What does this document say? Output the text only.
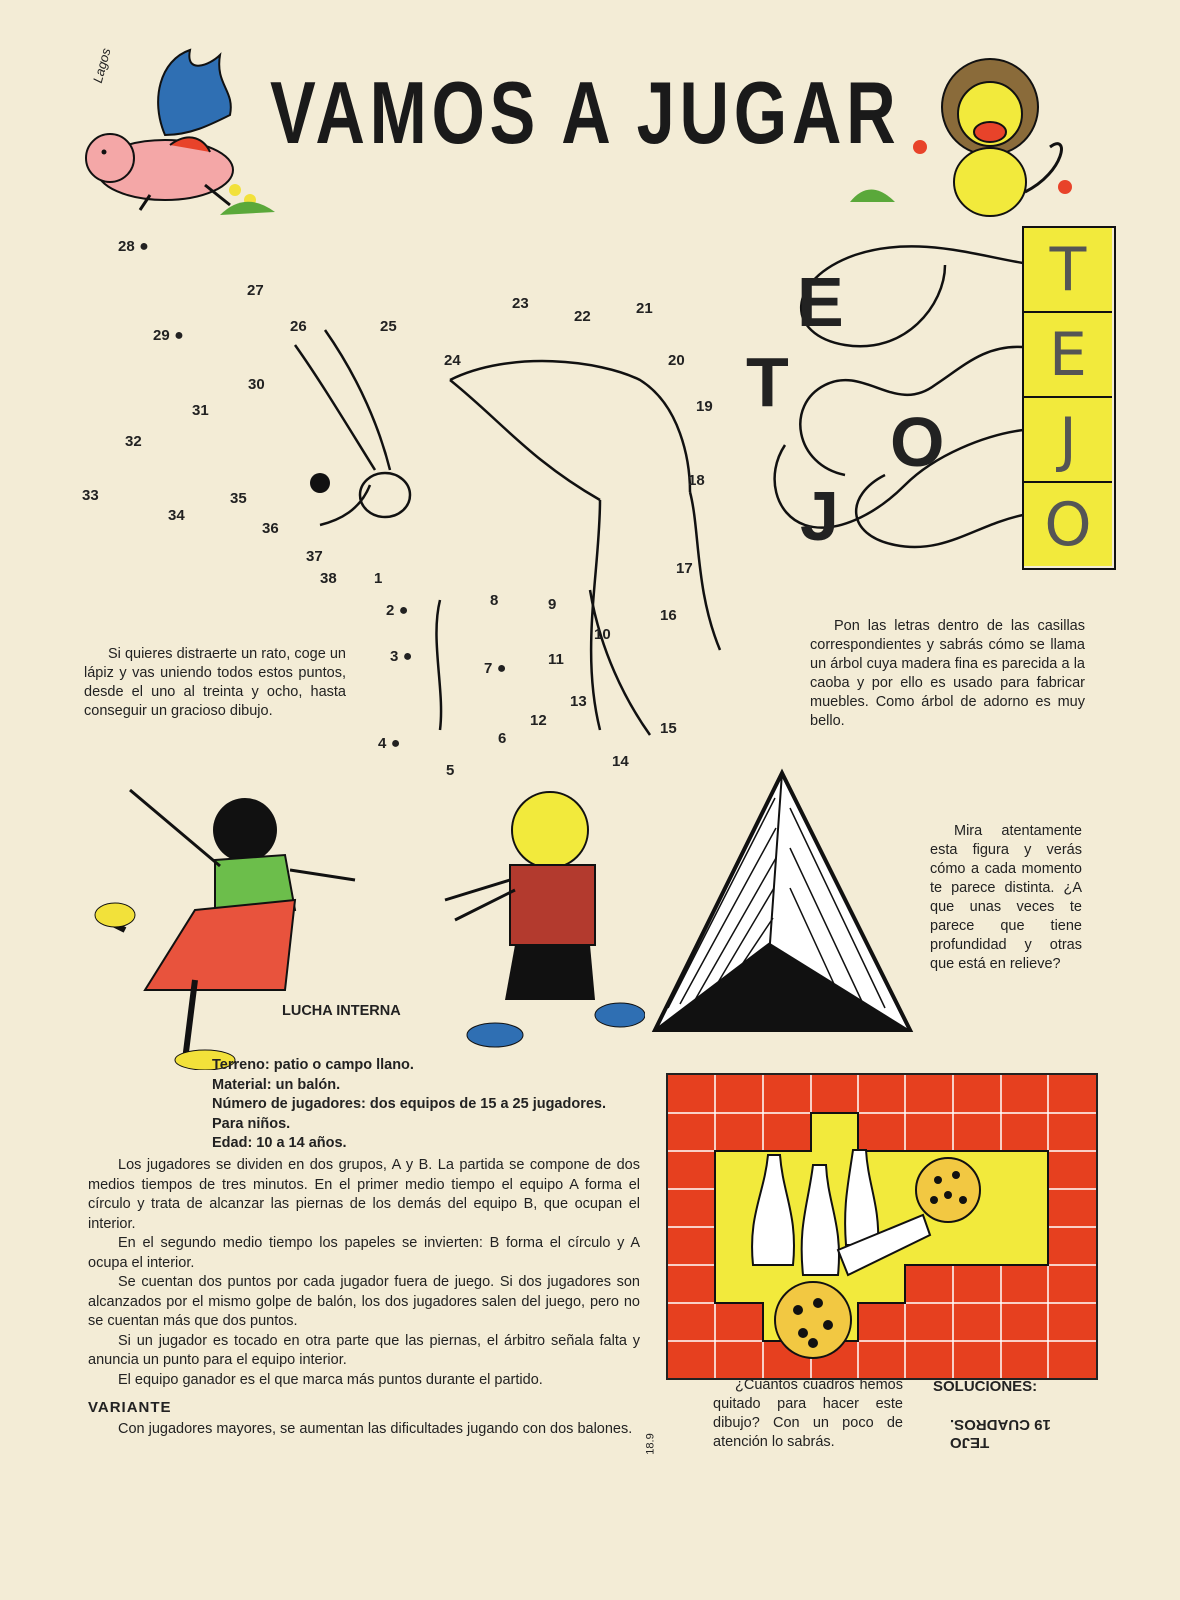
Lagos VAMOS A JUGAR
28 ●
27
26	25
29 ●
30
31
32
33
34
35
36
37
38 1
2 ●
3 ●
4 ●
5
6
7 ●
8	9
10
11
12
13
14
15
16
17
18
19
20
21
22
23
24
Si quieres distraerte un rato, coge un lápiz y vas uniendo todos estos puntos, desde el uno al treinta y ocho, hasta conseguir un gracioso dibujo.
E
T
O
J
T
E
J
O
Pon las letras dentro de las casillas correspondientes y sabrás cómo se llama un árbol cuya madera fina es parecida a la caoba y por ello es usado para fabricar muebles. Como árbol de adorno es muy bello.
LUCHA INTERNA
Terreno: patio o campo llano.
Material: un balón.
Número de jugadores: dos equipos de 15 a 25 jugadores.
Para niños.
Edad: 10 a 14 años.
Los jugadores se dividen en dos grupos, A y B. La partida se compone de dos medios tiempos de tres minutos. En el primer medio tiempo el equipo A forma el círculo y trata de alcanzar las piernas de los demás del equipo B, que ocupan el interior.
En el segundo medio tiempo los papeles se invierten: B forma el círculo y A ocupa el interior.
Se cuentan dos puntos por cada jugador fuera de juego. Si dos jugadores son alcanzados por el mismo golpe de balón, los dos jugadores salen del juego, pero no se cuentan más que dos puntos.
Si un jugador es tocado en otra parte que las piernas, el árbitro señala falta y anuncia un punto para el equipo interior.
El equipo ganador es el que marca más puntos durante el partido.
VARIANTE
Con jugadores mayores, se aumentan las dificultades jugando con dos balones.
18.9
Mira atentamente esta figura y verás cómo a cada momento te parece distinta. ¿A que unas veces te parece que tiene profundidad y otras que está en relieve?
¿Cuántos cuadros hemos quitado para hacer este dibujo? Con un poco de atención lo sabrás.
SOLUCIONES:
TEJO
19 CUADROS.
